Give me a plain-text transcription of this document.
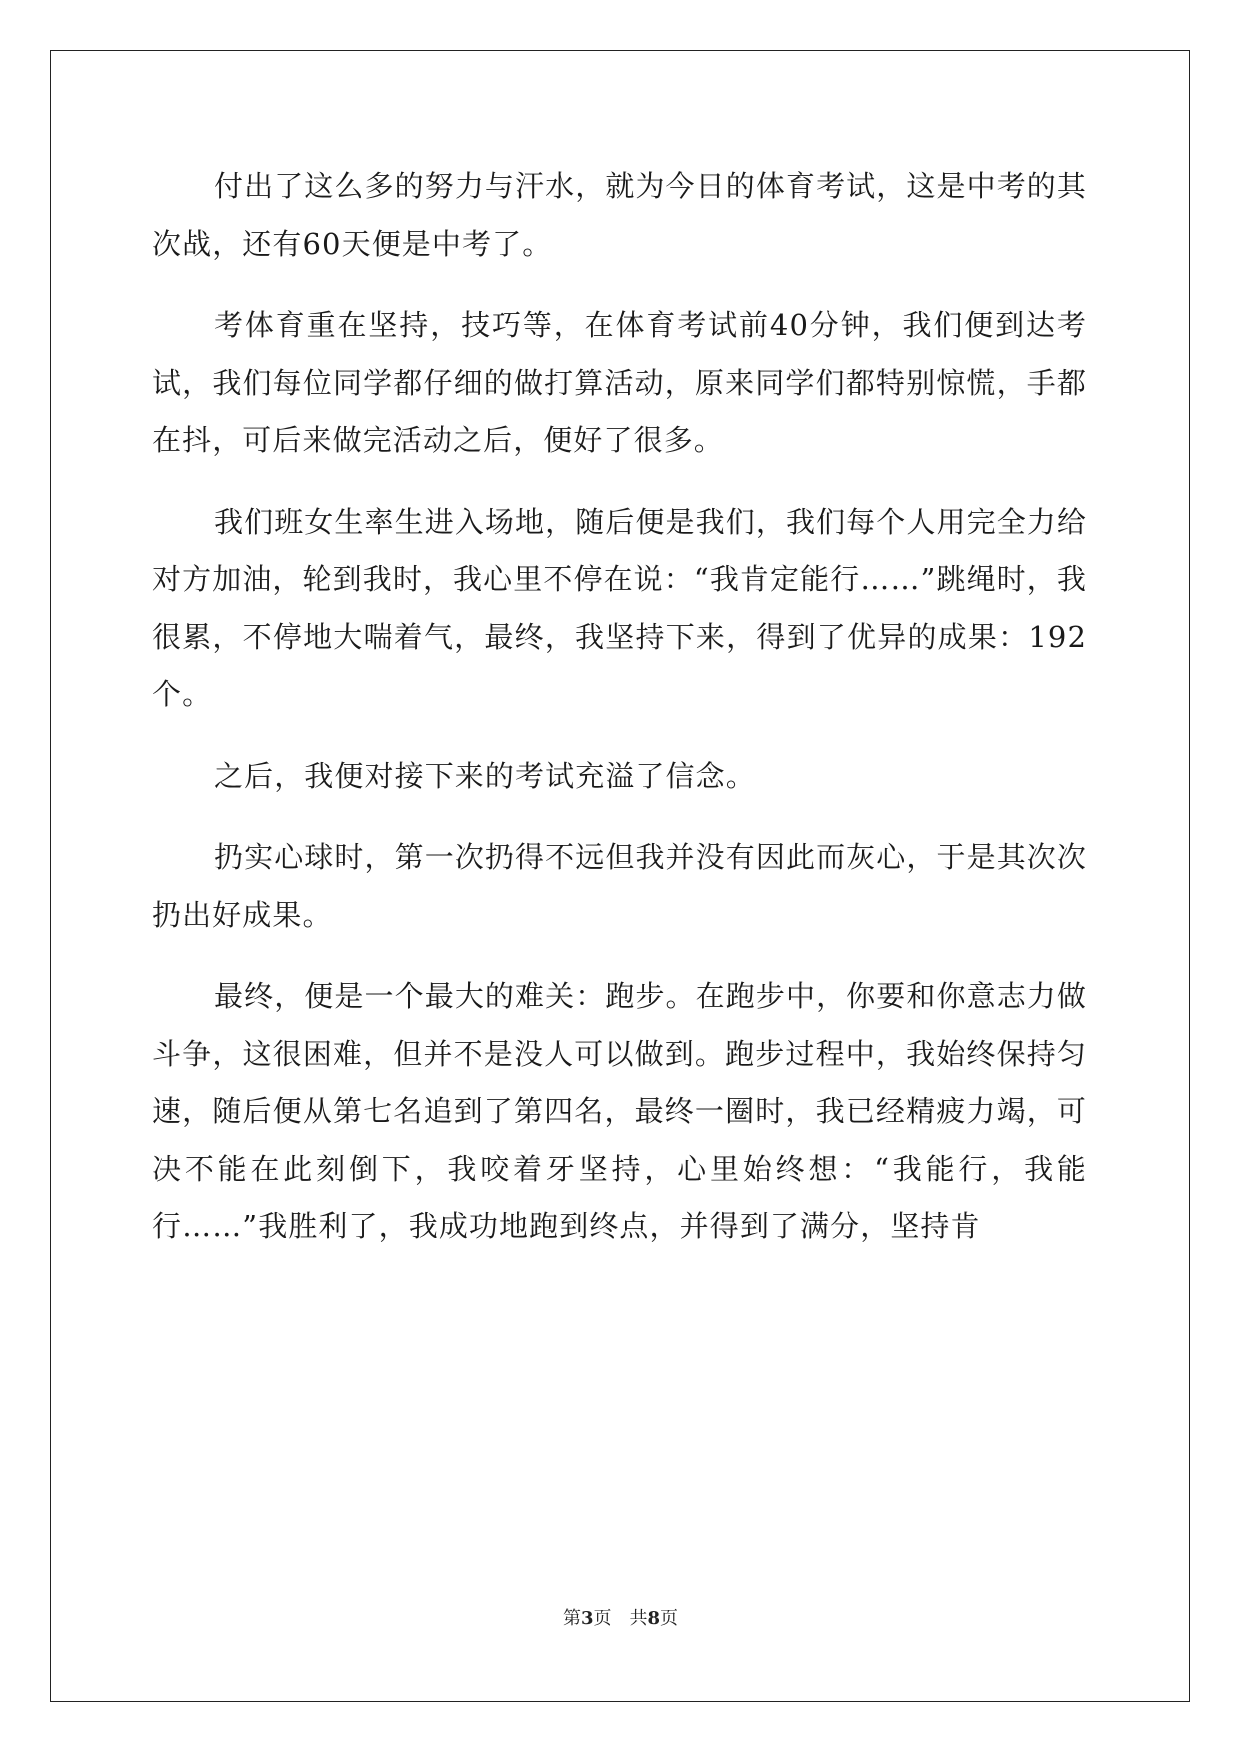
付出了这么多的努力与汗水，就为今日的体育考试，这是中考的其次战，还有60天便是中考了。

考体育重在坚持，技巧等，在体育考试前40分钟，我们便到达考试，我们每位同学都仔细的做打算活动，原来同学们都特别惊慌，手都在抖，可后来做完活动之后，便好了很多。

我们班女生率生进入场地，随后便是我们，我们每个人用完全力给对方加油，轮到我时，我心里不停在说：“我肯定能行……”跳绳时，我很累，不停地大喘着气，最终，我坚持下来，得到了优异的成果：192个。

之后，我便对接下来的考试充溢了信念。

扔实心球时，第一次扔得不远但我并没有因此而灰心，于是其次次扔出好成果。

最终，便是一个最大的难关：跑步。在跑步中，你要和你意志力做斗争，这很困难，但并不是没人可以做到。跑步过程中，我始终保持匀速，随后便从第七名追到了第四名，最终一圈时，我已经精疲力竭，可决不能在此刻倒下，我咬着牙坚持，心里始终想：“我能行，我能行……”我胜利了，我成功地跑到终点，并得到了满分，坚持肯

第3页 共8页
